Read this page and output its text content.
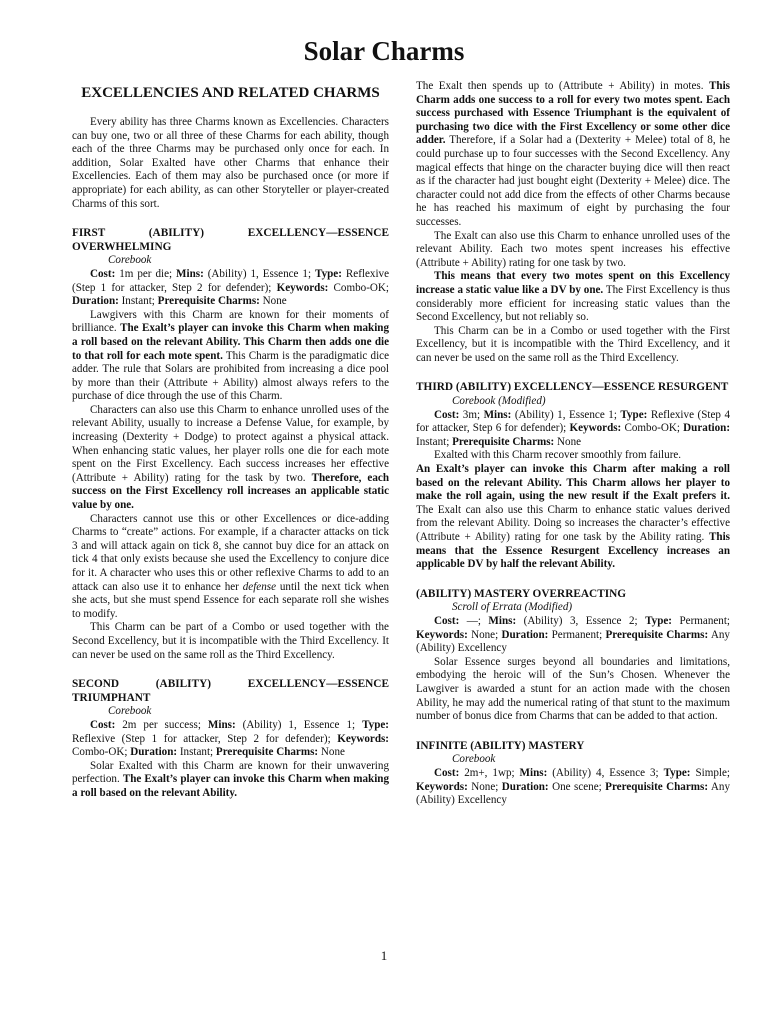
Solar Charms
EXCELLENCIES AND RELATED CHARMS

Every ability has three Charms known as Excellencies. Characters can buy one, two or all three of these Charms for each ability, though each of the three Charms may be purchased only once for each. In addition, Solar Exalted have other Charms that enhance their Excellencies. Each of them may also be purchased once (or more if appropriate) for each ability, as can other Storyteller or player-created Charms of this sort.

FIRST (ABILITY) EXCELLENCY—ESSENCE OVERWHELMING

Corebook

Cost: 1m per die; Mins: (Ability) 1, Essence 1; Type: Reflexive (Step 1 for attacker, Step 2 for defender); Keywords: Combo-OK; Duration: Instant; Prerequisite Charms: None

Lawgivers with this Charm are known for their moments of brilliance. The Exalt’s player can invoke this Charm when making a roll based on the relevant Ability. This Charm then adds one die to that roll for each mote spent. This Charm is the paradigmatic dice adder. The rule that Solars are prohibited from increasing a dice pool by more than their (Attribute + Ability) almost always refers to the purchase of dice through the use of this Charm.

Characters can also use this Charm to enhance unrolled uses of the relevant Ability, usually to increase a Defense Value, for example, by increasing (Dexterity + Dodge) to protect against a physical attack. When enhancing static values, her player rolls one die for each mote spent on the First Excellency. Each success increases her effective (Attribute + Ability) rating for the task by two. Therefore, each success on the First Excellency roll increases an applicable static value by one.

Characters cannot use this or other Excellences or dice-adding Charms to “create” actions. For example, if a character attacks on tick 3 and will attack again on tick 8, she cannot buy dice for an attack on tick 4 that only exists because she used the Excellency to conjure dice for it. A character who uses this or other reflexive Charms to add to an attack can also use it to enhance her defense until the next tick when she acts, but she must spend Essence for each separate roll she wishes to modify.

This Charm can be part of a Combo or used together with the Second Excellency, but it is incompatible with the Third Excellency. It can never be used on the same roll as the Third Excellency.

SECOND (ABILITY) EXCELLENCY—ESSENCE TRIUMPHANT

Corebook

Cost: 2m per success; Mins: (Ability) 1, Essence 1; Type: Reflexive (Step 1 for attacker, Step 2 for defender); Keywords: Combo-OK; Duration: Instant; Prerequisite Charms: None

Solar Exalted with this Charm are known for their unwavering perfection. The Exalt’s player can invoke this Charm when making a roll based on the relevant Ability.

The Exalt then spends up to (Attribute + Ability) in motes. This Charm adds one success to a roll for every two motes spent. Each success purchased with Essence Triumphant is the equivalent of purchasing two dice with the First Excellency or some other dice adder. Therefore, if a Solar had a (Dexterity + Melee) total of 8, he could purchase up to four successes with the Second Excellency. Any magical effects that hinge on the character buying dice will then react as if the character had just bought eight (Dexterity + Melee) dice. The character could not add dice from the effects of other Charms because he has reached his maximum of eight by purchasing the four successes.

The Exalt can also use this Charm to enhance unrolled uses of the relevant Ability. Each two motes spent increases his effective (Attribute + Ability) rating for one task by two.

This means that every two motes spent on this Excellency increase a static value like a DV by one. The First Excellency is thus considerably more efficient for increasing static values than the Second Excellency, but not reliably so.

This Charm can be in a Combo or used together with the First Excellency, but it is incompatible with the Third Excellency, and it can never be used on the same roll as the Third Excellency.

THIRD (ABILITY) EXCELLENCY—ESSENCE RESURGENT

Corebook (Modified)

Cost: 3m; Mins: (Ability) 1, Essence 1; Type: Reflexive (Step 4 for attacker, Step 6 for defender); Keywords: Combo-OK; Duration: Instant; Prerequisite Charms: None

Exalted with this Charm recover smoothly from failure.

An Exalt’s player can invoke this Charm after making a roll based on the relevant Ability. This Charm allows her player to make the roll again, using the new result if the Exalt prefers it. The Exalt can also use this Charm to enhance static values derived from the relevant Ability. Doing so increases the character’s effective (Attribute + Ability) rating for one task by the Ability rating. This means that the Essence Resurgent Excellency increases an applicable DV by half the relevant Ability.

(ABILITY) MASTERY OVERREACTING

Scroll of Errata (Modified)

Cost: —; Mins: (Ability) 3, Essence 2; Type: Permanent; Keywords: None; Duration: Permanent; Prerequisite Charms: Any (Ability) Excellency

Solar Essence surges beyond all boundaries and limitations, embodying the heroic will of the Sun’s Chosen. Whenever the Lawgiver is awarded a stunt for an action made with the chosen Ability, he may add the numerical rating of that stunt to the maximum number of bonus dice from Charms that can be added to that action.

INFINITE (ABILITY) MASTERY

Corebook

Cost: 2m+, 1wp; Mins: (Ability) 4, Essence 3; Type: Simple; Keywords: None; Duration: One scene; Prerequisite Charms: Any (Ability) Excellency

1
